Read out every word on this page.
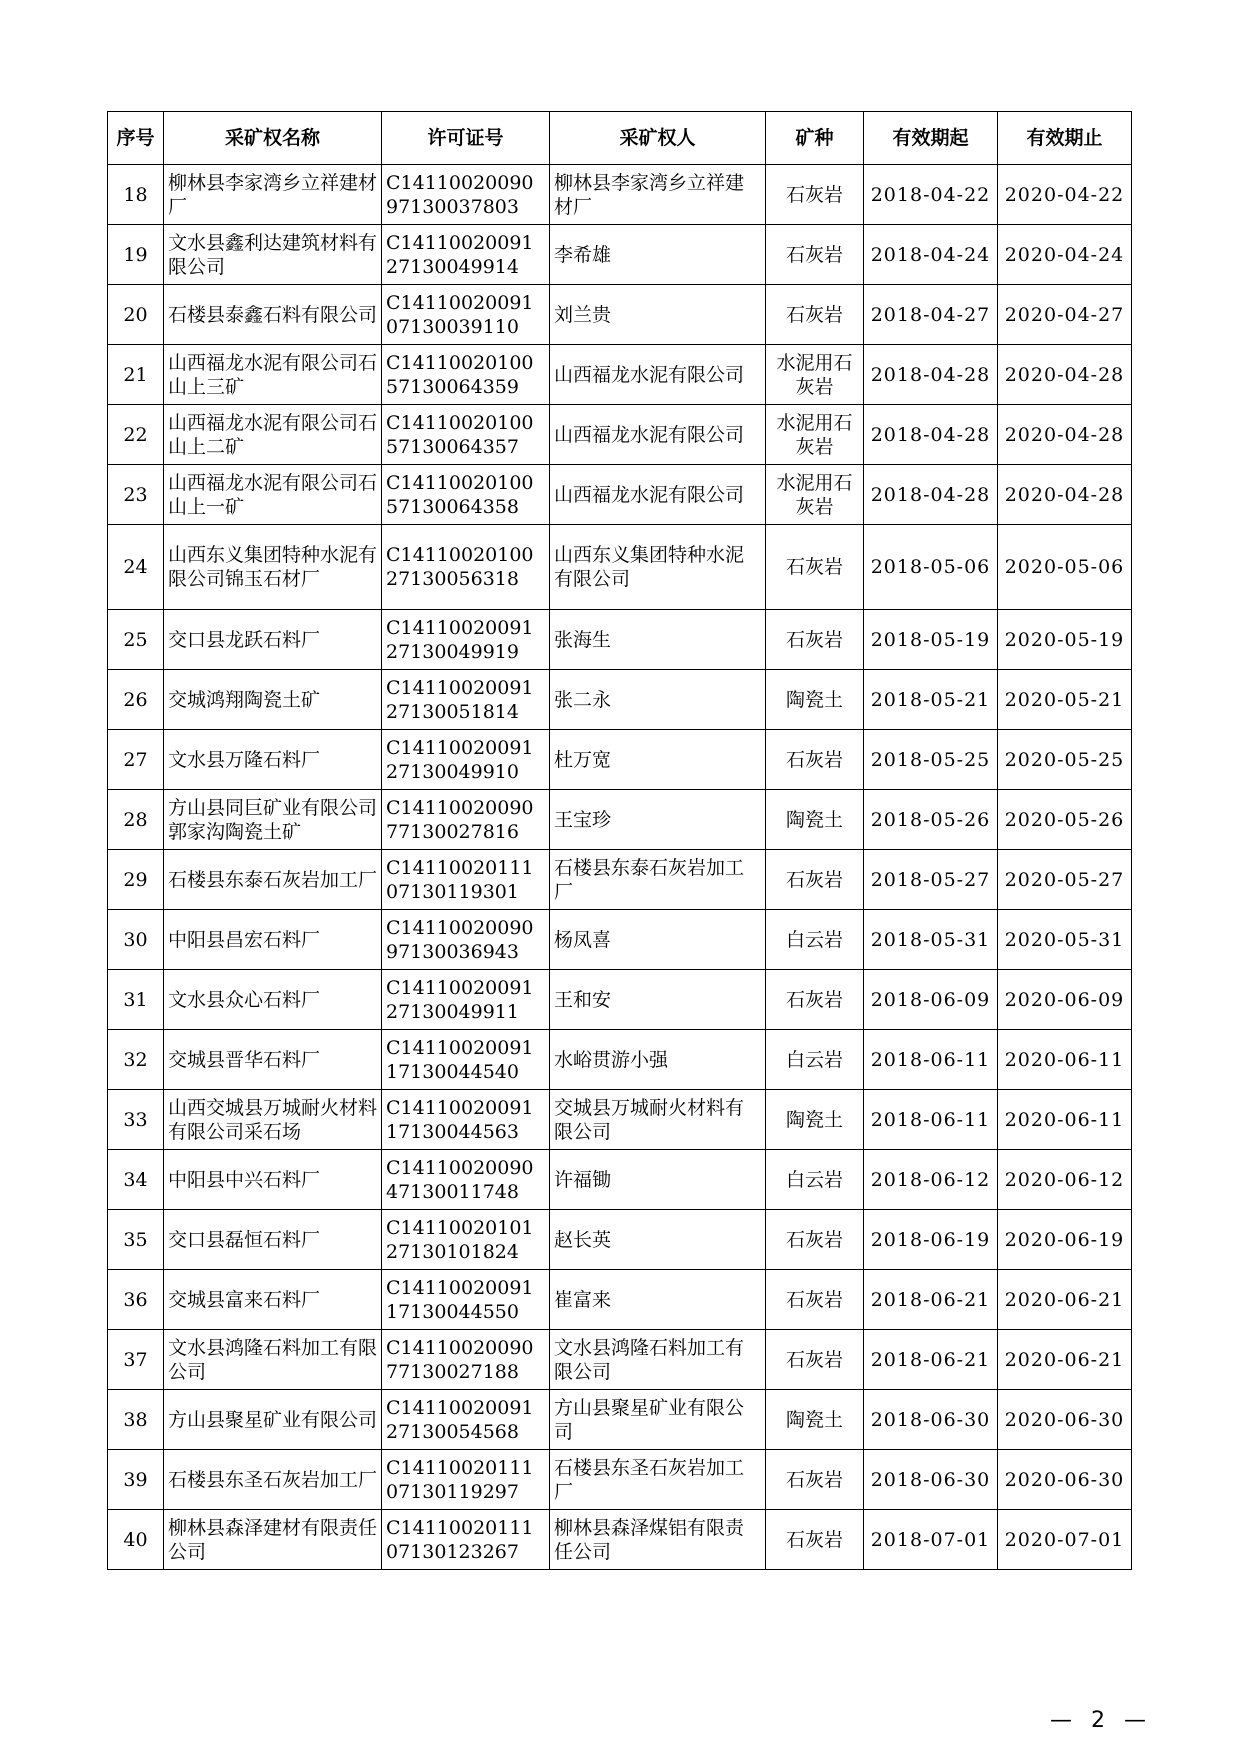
序号	采矿权名称	许可证号	采矿权人	矿种	有效期起	有效期止
18	柳林县李家湾乡立祥建材厂	C1411002009097130037803	柳林县李家湾乡立祥建材厂	石灰岩	2018-04-22	2020-04-22
19	文水县鑫利达建筑材料有限公司	C1411002009127130049914	李希雄	石灰岩	2018-04-24	2020-04-24
20	石楼县泰鑫石料有限公司	C1411002009107130039110	刘兰贵	石灰岩	2018-04-27	2020-04-27
21	山西福龙水泥有限公司石山上三矿	C1411002010057130064359	山西福龙水泥有限公司	水泥用石灰岩	2018-04-28	2020-04-28
22	山西福龙水泥有限公司石山上二矿	C1411002010057130064357	山西福龙水泥有限公司	水泥用石灰岩	2018-04-28	2020-04-28
23	山西福龙水泥有限公司石山上一矿	C1411002010057130064358	山西福龙水泥有限公司	水泥用石灰岩	2018-04-28	2020-04-28
24	山西东义集团特种水泥有限公司锦玉石材厂	C1411002010027130056318	山西东义集团特种水泥有限公司	石灰岩	2018-05-06	2020-05-06
25	交口县龙跃石料厂	C1411002009127130049919	张海生	石灰岩	2018-05-19	2020-05-19
26	交城鸿翔陶瓷土矿	C1411002009127130051814	张二永	陶瓷土	2018-05-21	2020-05-21
27	文水县万隆石料厂	C1411002009127130049910	杜万宽	石灰岩	2018-05-25	2020-05-25
28	方山县同巨矿业有限公司郭家沟陶瓷土矿	C1411002009077130027816	王宝珍	陶瓷土	2018-05-26	2020-05-26
29	石楼县东泰石灰岩加工厂	C1411002011107130119301	石楼县东泰石灰岩加工厂	石灰岩	2018-05-27	2020-05-27
30	中阳县昌宏石料厂	C1411002009097130036943	杨凤喜	白云岩	2018-05-31	2020-05-31
31	文水县众心石料厂	C1411002009127130049911	王和安	石灰岩	2018-06-09	2020-06-09
32	交城县晋华石料厂	C1411002009117130044540	水峪贯游小强	白云岩	2018-06-11	2020-06-11
33	山西交城县万城耐火材料有限公司采石场	C1411002009117130044563	交城县万城耐火材料有限公司	陶瓷土	2018-06-11	2020-06-11
34	中阳县中兴石料厂	C1411002009047130011748	许福锄	白云岩	2018-06-12	2020-06-12
35	交口县磊恒石料厂	C1411002010127130101824	赵长英	石灰岩	2018-06-19	2020-06-19
36	交城县富来石料厂	C1411002009117130044550	崔富来	石灰岩	2018-06-21	2020-06-21
37	文水县鸿隆石料加工有限公司	C1411002009077130027188	文水县鸿隆石料加工有限公司	石灰岩	2018-06-21	2020-06-21
38	方山县聚星矿业有限公司	C1411002009127130054568	方山县聚星矿业有限公司	陶瓷土	2018-06-30	2020-06-30
39	石楼县东圣石灰岩加工厂	C1411002011107130119297	石楼县东圣石灰岩加工厂	石灰岩	2018-06-30	2020-06-30
40	柳林县森泽建材有限责任公司	C1411002011107130123267	柳林县森泽煤铝有限责任公司	石灰岩	2018-07-01	2020-07-01
— 2 —
